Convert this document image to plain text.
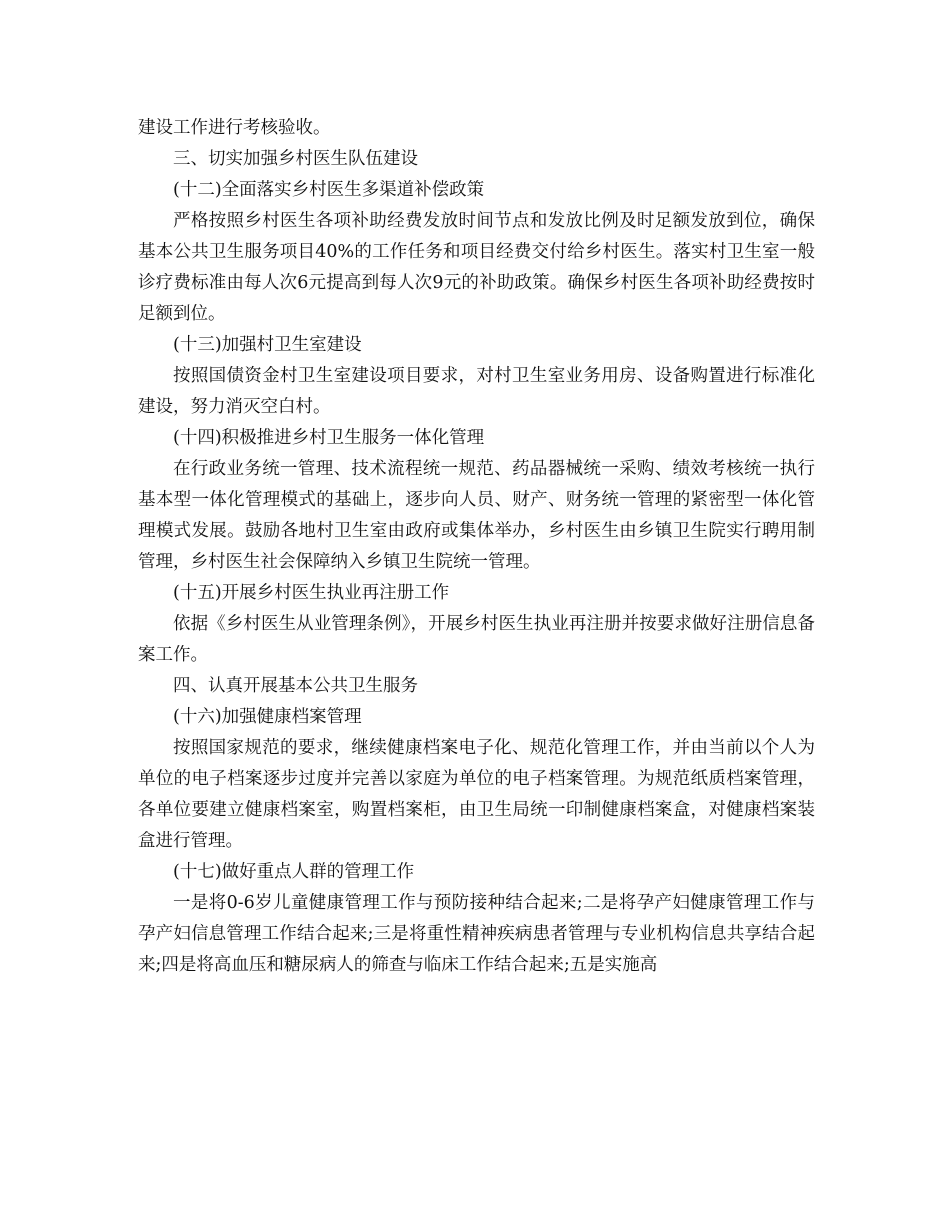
建设工作进行考核验收。

三、切实加强乡村医生队伍建设

(十二)全面落实乡村医生多渠道补偿政策

严格按照乡村医生各项补助经费发放时间节点和发放比例及时足额发放到位，确保基本公共卫生服务项目40%的工作任务和项目经费交付给乡村医生。落实村卫生室一般诊疗费标准由每人次6元提高到每人次9元的补助政策。确保乡村医生各项补助经费按时足额到位。

(十三)加强村卫生室建设

按照国债资金村卫生室建设项目要求，对村卫生室业务用房、设备购置进行标准化建设，努力消灭空白村。

(十四)积极推进乡村卫生服务一体化管理

在行政业务统一管理、技术流程统一规范、药品器械统一采购、绩效考核统一执行基本型一体化管理模式的基础上，逐步向人员、财产、财务统一管理的紧密型一体化管理模式发展。鼓励各地村卫生室由政府或集体举办，乡村医生由乡镇卫生院实行聘用制管理，乡村医生社会保障纳入乡镇卫生院统一管理。

(十五)开展乡村医生执业再注册工作

依据《乡村医生从业管理条例》，开展乡村医生执业再注册并按要求做好注册信息备案工作。

四、认真开展基本公共卫生服务

(十六)加强健康档案管理

按照国家规范的要求，继续健康档案电子化、规范化管理工作，并由当前以个人为单位的电子档案逐步过度并完善以家庭为单位的电子档案管理。为规范纸质档案管理，各单位要建立健康档案室，购置档案柜，由卫生局统一印制健康档案盒，对健康档案装盒进行管理。

(十七)做好重点人群的管理工作

一是将0-6岁儿童健康管理工作与预防接种结合起来;二是将孕产妇健康管理工作与孕产妇信息管理工作结合起来;三是将重性精神疾病患者管理与专业机构信息共享结合起来;四是将高血压和糖尿病人的筛查与临床工作结合起来;五是实施高
